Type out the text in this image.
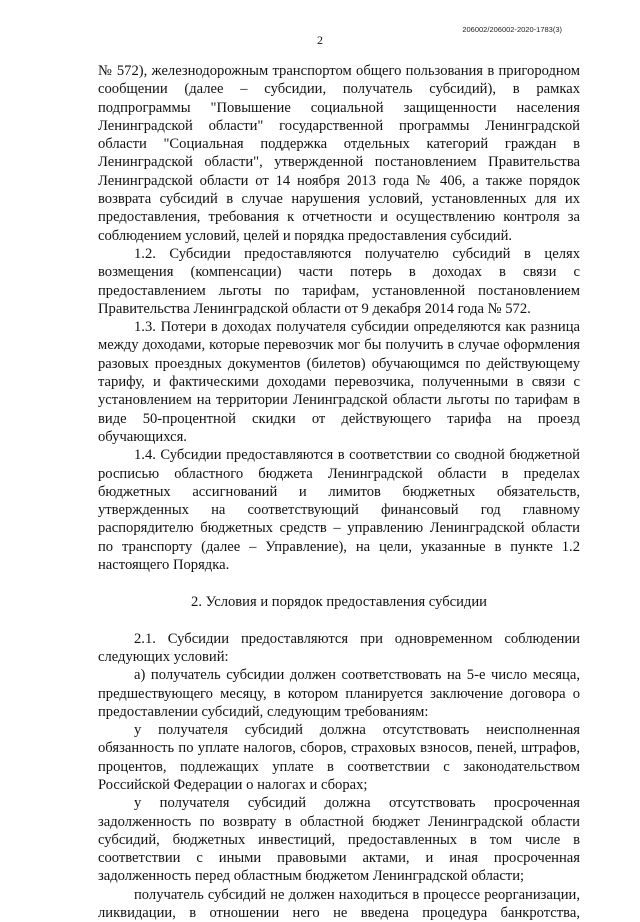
2
206002/206002-2020-1783(3)

№ 572), железнодорожным транспортом общего пользования в пригородном сообщении (далее – субсидии, получатель субсидий), в рамках подпрограммы "Повышение социальной защищенности населения Ленинградской области" государственной программы Ленинградской области "Социальная поддержка отдельных категорий граждан в Ленинградской области", утвержденной постановлением Правительства Ленинградской области от 14 ноября 2013 года № 406, а также порядок возврата субсидий в случае нарушения условий, установленных для их предоставления, требования к отчетности и осуществлению контроля за соблюдением условий, целей и порядка предоставления субсидий.

1.2. Субсидии предоставляются получателю субсидий в целях возмещения (компенсации) части потерь в доходах в связи с предоставлением льготы по тарифам, установленной постановлением Правительства Ленинградской области от 9 декабря 2014 года № 572.

1.3. Потери в доходах получателя субсидии определяются как разница между доходами, которые перевозчик мог бы получить в случае оформления разовых проездных документов (билетов) обучающимся по действующему тарифу, и фактическими доходами перевозчика, полученными в связи с установлением на территории Ленинградской области льготы по тарифам в виде 50-процентной скидки от действующего тарифа на проезд обучающихся.

1.4. Субсидии предоставляются в соответствии со сводной бюджетной росписью областного бюджета Ленинградской области в пределах бюджетных ассигнований и лимитов бюджетных обязательств, утвержденных на соответствующий финансовый год главному распорядителю бюджетных средств – управлению Ленинградской области по транспорту (далее – Управление), на цели, указанные в пункте 1.2 настоящего Порядка.

2. Условия и порядок предоставления субсидии

2.1. Субсидии предоставляются при одновременном соблюдении следующих условий:

а) получатель субсидии должен соответствовать на 5-е число месяца, предшествующего месяцу, в котором планируется заключение договора о предоставлении субсидий, следующим требованиям:

у получателя субсидий должна отсутствовать неисполненная обязанность по уплате налогов, сборов, страховых взносов, пеней, штрафов, процентов, подлежащих уплате в соответствии с законодательством Российской Федерации о налогах и сборах;

у получателя субсидий должна отсутствовать просроченная задолженность по возврату в областной бюджет Ленинградской области субсидий, бюджетных инвестиций, предоставленных в том числе в соответствии с иными правовыми актами, и иная просроченная задолженность перед областным бюджетом Ленинградской области;

получатель субсидий не должен находиться в процессе реорганизации, ликвидации, в отношении него не введена процедура банкротства,
